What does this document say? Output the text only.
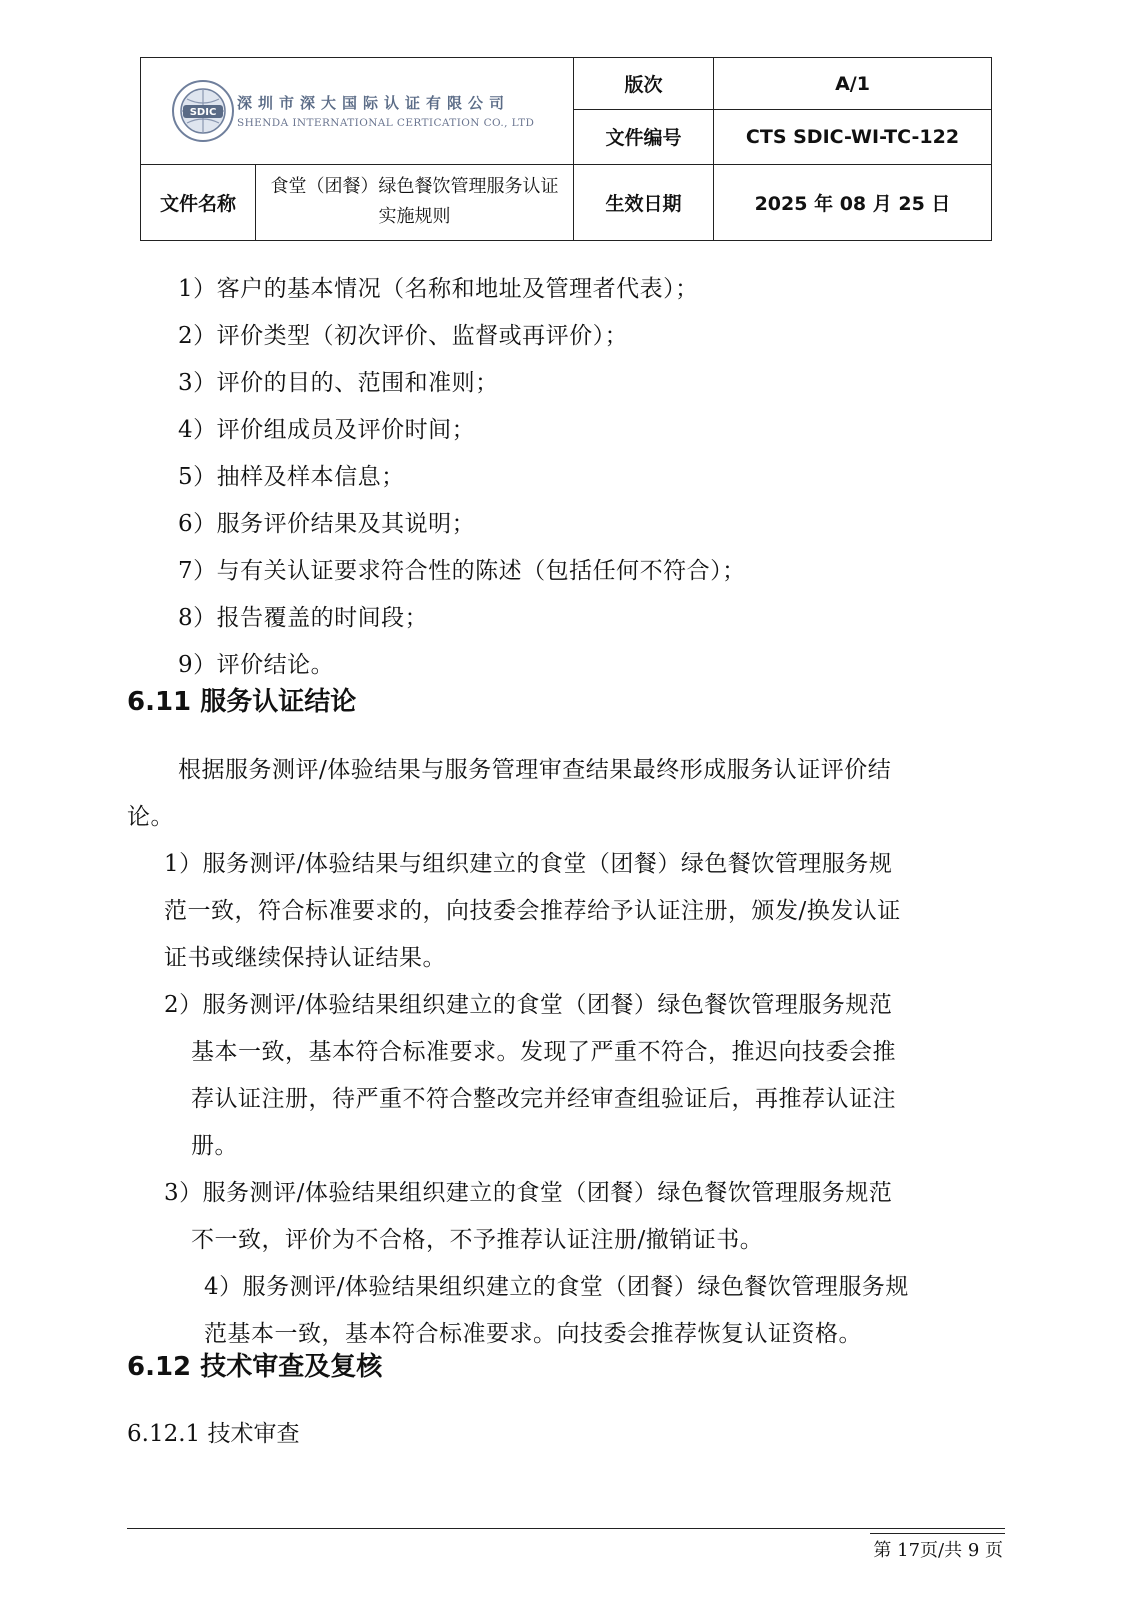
SDIC 深圳市深大国际认证有限公司
SHENDA INTERNATIONAL CERTICATION CO., LTD		版次	A/1
		文件编号	CTS SDIC-WI-TC-122
文件名称	食堂（团餐）绿色餐饮管理服务认证实施规则	生效日期	2025 年 08 月 25 日
1）客户的基本情况（名称和地址及管理者代表）；
2）评价类型（初次评价、监督或再评价）；
3）评价的目的、范围和准则；
4）评价组成员及评价时间；
5）抽样及样本信息；
6）服务评价结果及其说明；
7）与有关认证要求符合性的陈述（包括任何不符合）；
8）报告覆盖的时间段；
9）评价结论。
6.11 服务认证结论
根据服务测评/体验结果与服务管理审查结果最终形成服务认证评价结
论。
1）服务测评/体验结果与组织建立的食堂（团餐）绿色餐饮管理服务规
范一致，符合标准要求的，向技委会推荐给予认证注册，颁发/换发认证
证书或继续保持认证结果。
2）服务测评/体验结果组织建立的食堂（团餐）绿色餐饮管理服务规范
基本一致，基本符合标准要求。发现了严重不符合，推迟向技委会推
荐认证注册，待严重不符合整改完并经审查组验证后，再推荐认证注
册。
3）服务测评/体验结果组织建立的食堂（团餐）绿色餐饮管理服务规范
不一致，评价为不合格，不予推荐认证注册/撤销证书。
4）服务测评/体验结果组织建立的食堂（团餐）绿色餐饮管理服务规
范基本一致，基本符合标准要求。向技委会推荐恢复认证资格。
6.12 技术审查及复核
6.12.1 技术审查
第 17页/共 9 页
